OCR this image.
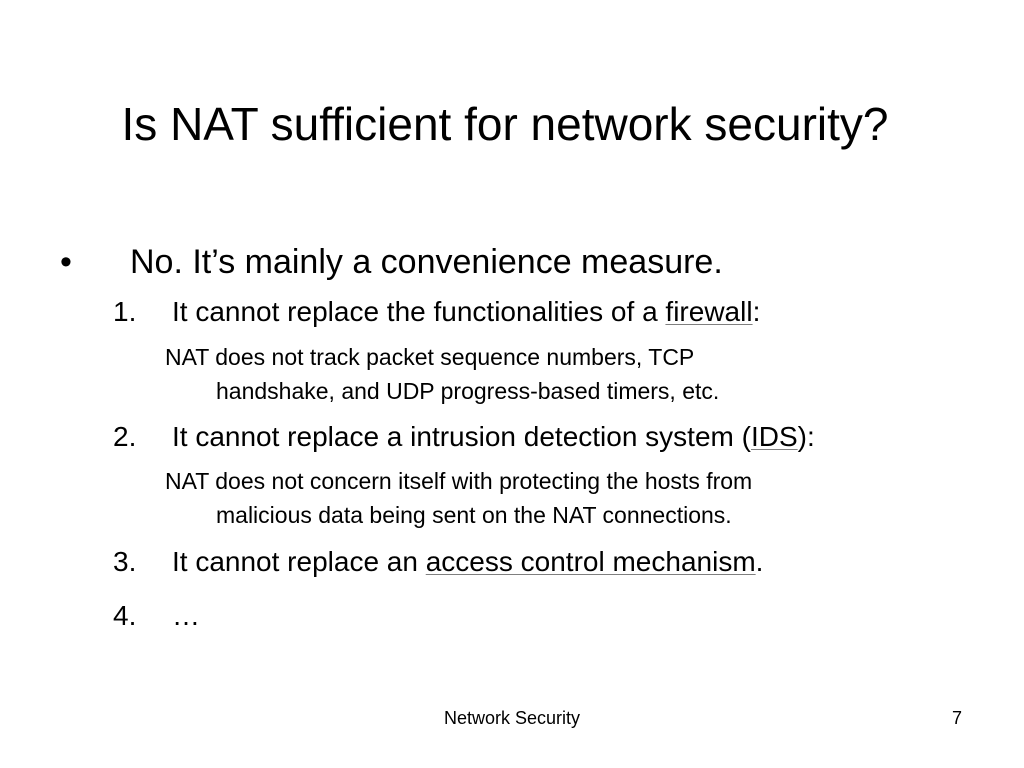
Is NAT sufficient for network security?
• No. It’s mainly a convenience measure.
1. It cannot replace the functionalities of a firewall:
NAT does not track packet sequence numbers, TCP
handshake, and UDP progress-based timers, etc.
2. It cannot replace a intrusion detection system (IDS):
NAT does not concern itself with protecting the hosts from
malicious data being sent on the NAT connections.
3. It cannot replace an access control mechanism.
4. …
Network Security	7
